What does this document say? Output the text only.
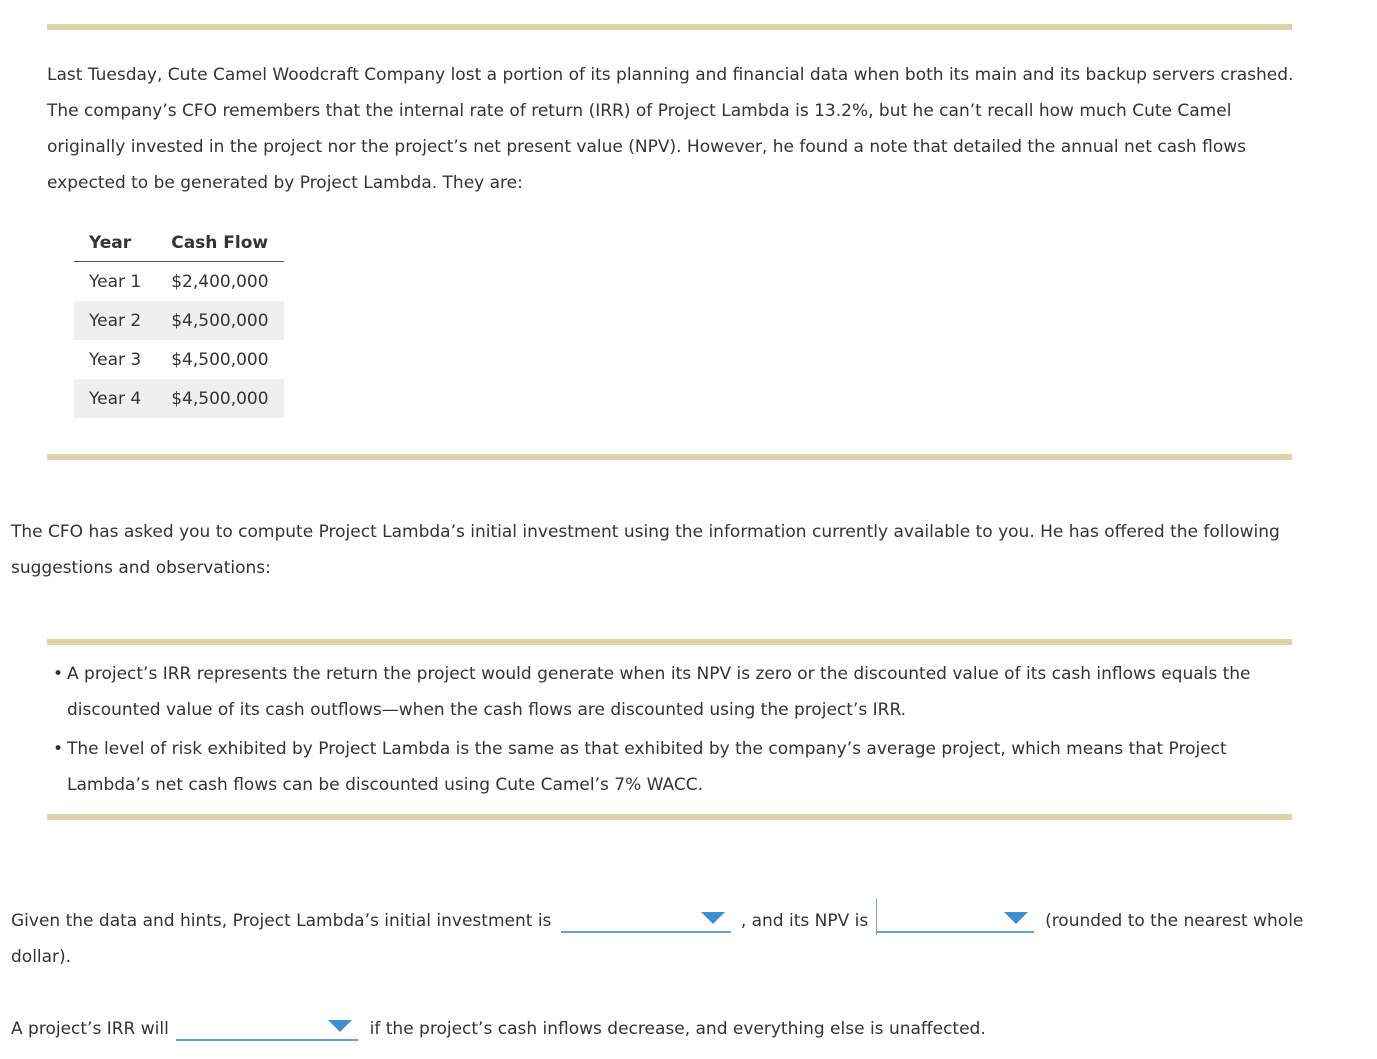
Last Tuesday, Cute Camel Woodcraft Company lost a portion of its planning and financial data when both its main and its backup servers crashed. The company’s CFO remembers that the internal rate of return (IRR) of Project Lambda is 13.2%, but he can’t recall how much Cute Camel originally invested in the project nor the project’s net present value (NPV). However, he found a note that detailed the annual net cash flows expected to be generated by Project Lambda. They are:

Year	Cash Flow
Year 1	$2,400,000
Year 2	$4,500,000
Year 3	$4,500,000
Year 4	$4,500,000

The CFO has asked you to compute Project Lambda’s initial investment using the information currently available to you. He has offered the following suggestions and observations:

• A project’s IRR represents the return the project would generate when its NPV is zero or the discounted value of its cash inflows equals the discounted value of its cash outflows—when the cash flows are discounted using the project’s IRR.
• The level of risk exhibited by Project Lambda is the same as that exhibited by the company’s average project, which means that Project Lambda’s net cash flows can be discounted using Cute Camel’s 7% WACC.

Given the data and hints, Project Lambda’s initial investment is	, and its NPV is	(rounded to the nearest whole

dollar).

A project’s IRR will	if the project’s cash inflows decrease, and everything else is unaffected.
